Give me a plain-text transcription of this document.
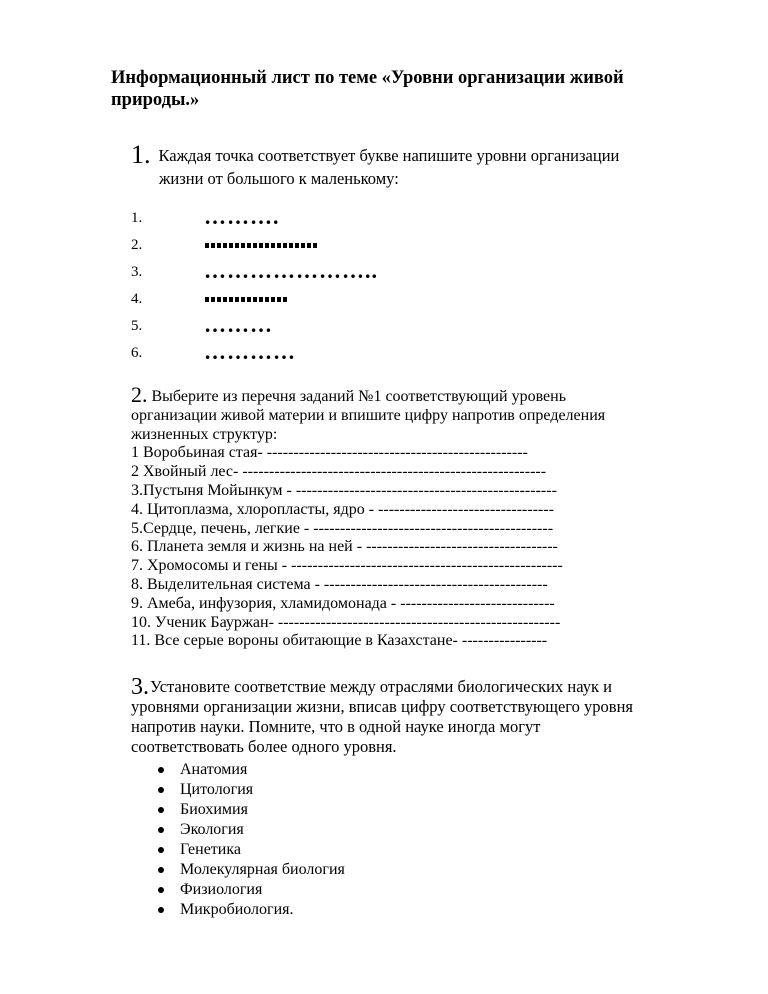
Информационный лист по теме «Уровни организации живой природы.»
1. Каждая точка соответствует букве напишите уровни организации
жизни от большого к маленькому:
1.	……….
2.
3.	…………………..
4.
5.	………
6.	…………
2. Выберите из перечня заданий №1 соответствующий уровень
организации живой материи и впишите цифру напротив определения
жизненных структур:
1 Воробьиная стая- -------------------------------------------------
2 Хвойный лес- ---------------------------------------------------------
3.Пустыня Мойынкум - -------------------------------------------------
4. Цитоплазма, хлоропласты, ядро - ---------------------------------
5.Сердце, печень, легкие - ---------------------------------------------
6. Планета земля и жизнь на ней - ------------------------------------
7. Хромосомы и гены - ---------------------------------------------------
8. Выделительная система - ------------------------------------------
9. Амеба, инфузория, хламидомонада - -----------------------------
10. Ученик Бауржан- -----------------------------------------------------
11. Все серые вороны обитающие в Казахстане- ----------------
3.Установите соответствие между отраслями биологических наук и
уровнями организации жизни, вписав цифру соответствующего уровня
напротив науки. Помните, что в одной науке иногда могут
соответствовать более одного уровня.
Анатомия
Цитология
Биохимия
Экология
Генетика
Молекулярная биология
Физиология
Микробиология.
